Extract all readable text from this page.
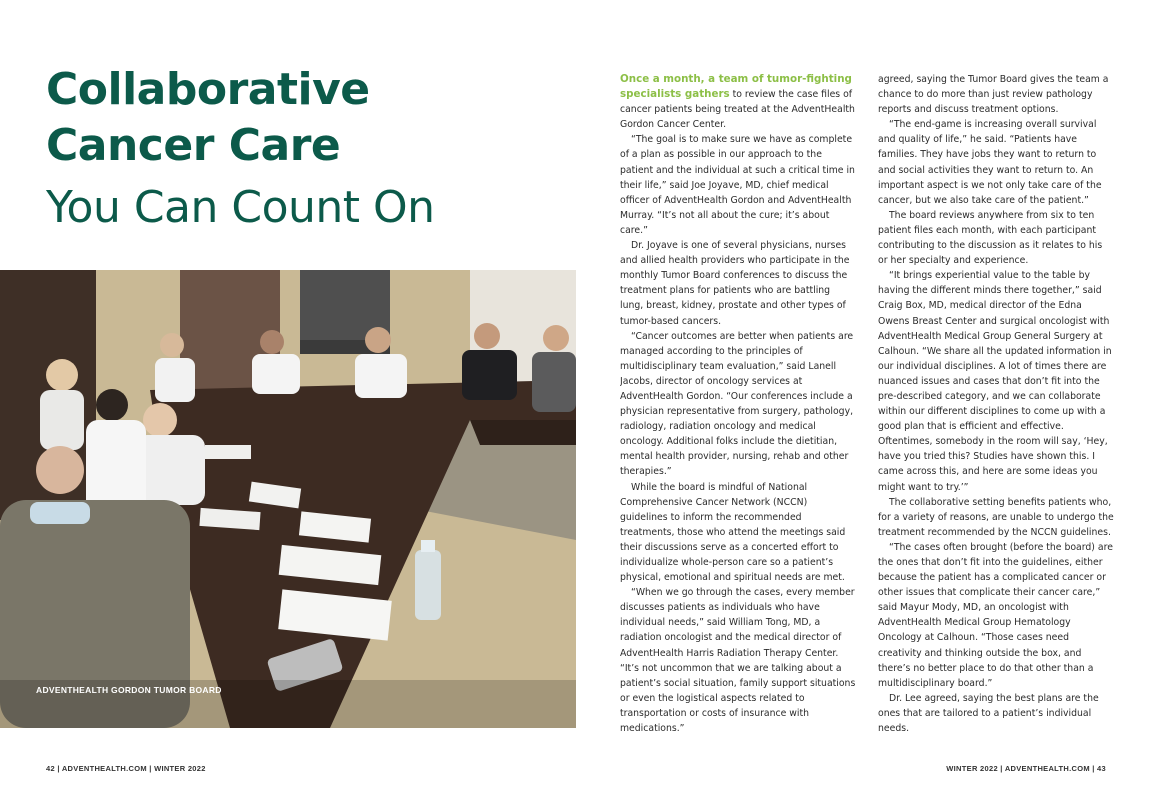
Collaborative
Cancer Care
You Can Count On
ADVENTHEALTH GORDON TUMOR BOARD
42 | ADVENTHEALTH.COM | WINTER 2022

Once a month, a team of tumor-fighting specialists gathers to review the case files of cancer patients being treated at the AdventHealth Gordon Cancer Center.

“The goal is to make sure we have as complete of a plan as possible in our approach to the patient and the individual at such a critical time in their life,” said Joe Joyave, MD, chief medical officer of AdventHealth Gordon and AdventHealth Murray. “It’s not all about the cure; it’s about care.”

Dr. Joyave is one of several physicians, nurses and allied health providers who participate in the monthly Tumor Board conferences to discuss the treatment plans for patients who are battling lung, breast, kidney, prostate and other types of tumor-based cancers.

“Cancer outcomes are better when patients are managed according to the principles of multidisciplinary team evaluation,” said Lanell Jacobs, director of oncology services at AdventHealth Gordon. “Our conferences include a physician representative from surgery, pathology, radiology, radiation oncology and medical oncology. Additional folks include the dietitian, mental health provider, nursing, rehab and other therapies.”

While the board is mindful of National Comprehensive Cancer Network (NCCN) guidelines to inform the recommended treatments, those who attend the meetings said their discussions serve as a concerted effort to individualize whole-person care so a patient’s physical, emotional and spiritual needs are met.

“When we go through the cases, every member discusses patients as individuals who have individual needs,” said William Tong, MD, a radiation oncologist and the medical director of AdventHealth Harris Radiation Therapy Center. “It’s not uncommon that we are talking about a patient’s social situation, family support situations or even the logistical aspects related to transportation or costs of insurance with medications.”

agreed, saying the Tumor Board gives the team a chance to do more than just review pathology reports and discuss treatment options.

“The end-game is increasing overall survival and quality of life,” he said. “Patients have families. They have jobs they want to return to and social activities they want to return to. An important aspect is we not only take care of the cancer, but we also take care of the patient.”

The board reviews anywhere from six to ten patient files each month, with each participant contributing to the discussion as it relates to his or her specialty and experience.

“It brings experiential value to the table by having the different minds there together,” said Craig Box, MD, medical director of the Edna Owens Breast Center and surgical oncologist with AdventHealth Medical Group General Surgery at Calhoun. “We share all the updated information in our individual disciplines. A lot of times there are nuanced issues and cases that don’t fit into the pre-described category, and we can collaborate within our different disciplines to come up with a good plan that is efficient and effective. Oftentimes, somebody in the room will say, ‘Hey, have you tried this? Studies have shown this. I came across this, and here are some ideas you might want to try.’”

The collaborative setting benefits patients who, for a variety of reasons, are unable to undergo the treatment recommended by the NCCN guidelines.

“The cases often brought (before the board) are the ones that don’t fit into the guidelines, either because the patient has a complicated cancer or other issues that complicate their cancer care,” said Mayur Mody, MD, an oncologist with AdventHealth Medical Group Hematology Oncology at Calhoun. “Those cases need creativity and thinking outside the box, and there’s no better place to do that other than a multidisciplinary board.”

Dr. Lee agreed, saying the best plans are the ones that are tailored to a patient’s individual needs.

WINTER 2022 | ADVENTHEALTH.COM | 43
